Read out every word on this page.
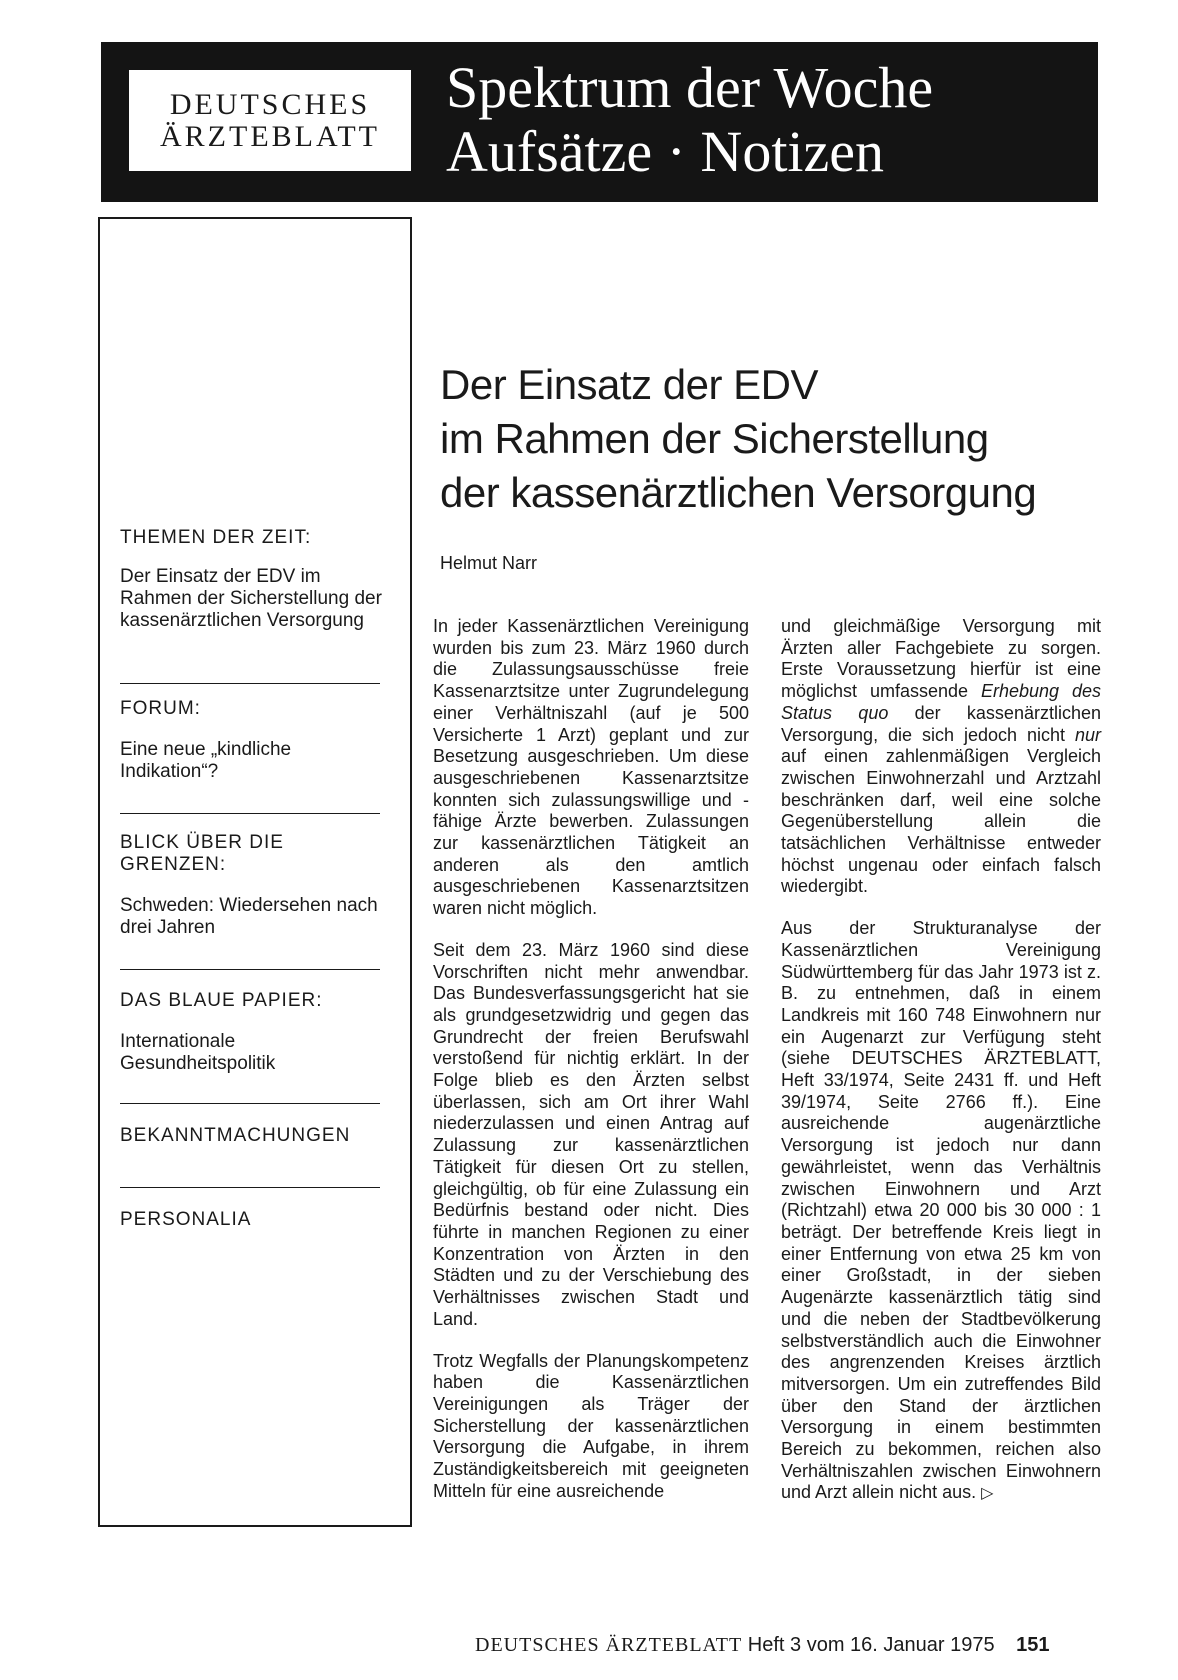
DEUTSCHES
ÄRZTEBLATT
Spektrum der Woche
Aufsätze · Notizen
THEMEN DER ZEIT:
Der Einsatz der EDV im Rahmen der Sicherstellung der kassenärztlichen Versorgung
FORUM:
Eine neue „kindliche Indikation“?
BLICK ÜBER DIE GRENZEN:
Schweden: Wiedersehen nach drei Jahren
DAS BLAUE PAPIER:
Internationale Gesundheitspolitik
BEKANNTMACHUNGEN
PERSONALIA
Der Einsatz der EDV
im Rahmen der Sicherstellung
der kassenärztlichen Versorgung
Helmut Narr

In jeder Kassenärztlichen Vereinigung wurden bis zum 23. März 1960 durch die Zulassungsausschüsse freie Kassenarztsitze unter Zugrundelegung einer Verhältniszahl (auf je 500 Versicherte 1 Arzt) geplant und zur Besetzung ausgeschrieben. Um diese ausgeschriebenen Kassenarztsitze konnten sich zulassungswillige und -fähige Ärzte bewerben. Zulassungen zur kassenärztlichen Tätigkeit an anderen als den amtlich ausgeschriebenen Kassenarztsitzen waren nicht möglich.

Seit dem 23. März 1960 sind diese Vorschriften nicht mehr anwendbar. Das Bundesverfassungsgericht hat sie als grundgesetzwidrig und gegen das Grundrecht der freien Berufswahl verstoßend für nichtig erklärt. In der Folge blieb es den Ärzten selbst überlassen, sich am Ort ihrer Wahl niederzulassen und einen Antrag auf Zulassung zur kassenärztlichen Tätigkeit für diesen Ort zu stellen, gleichgültig, ob für eine Zulassung ein Bedürfnis bestand oder nicht. Dies führte in manchen Regionen zu einer Konzentration von Ärzten in den Städten und zu der Verschiebung des Verhältnisses zwischen Stadt und Land.

Trotz Wegfalls der Planungskompetenz haben die Kassenärztlichen Vereinigungen als Träger der Sicherstellung der kassenärztlichen Versorgung die Aufgabe, in ihrem Zuständigkeitsbereich mit geeigneten Mitteln für eine ausreichende

und gleichmäßige Versorgung mit Ärzten aller Fachgebiete zu sorgen. Erste Voraussetzung hierfür ist eine möglichst umfassende Erhebung des Status quo der kassenärztlichen Versorgung, die sich jedoch nicht nur auf einen zahlenmäßigen Vergleich zwischen Einwohnerzahl und Arztzahl beschränken darf, weil eine solche Gegenüberstellung allein die tatsächlichen Verhältnisse entweder höchst ungenau oder einfach falsch wiedergibt.

Aus der Strukturanalyse der Kassenärztlichen Vereinigung Südwürttemberg für das Jahr 1973 ist z. B. zu entnehmen, daß in einem Landkreis mit 160 748 Einwohnern nur ein Augenarzt zur Verfügung steht (siehe DEUTSCHES ÄRZTEBLATT, Heft 33/1974, Seite 2431 ff. und Heft 39/1974, Seite 2766 ff.). Eine ausreichende augenärztliche Versorgung ist jedoch nur dann gewährleistet, wenn das Verhältnis zwischen Einwohnern und Arzt (Richtzahl) etwa 20 000 bis 30 000 : 1 beträgt. Der betreffende Kreis liegt in einer Entfernung von etwa 25 km von einer Großstadt, in der sieben Augenärzte kassenärztlich tätig sind und die neben der Stadtbevölkerung selbstverständlich auch die Einwohner des angrenzenden Kreises ärztlich mitversorgen. Um ein zutreffendes Bild über den Stand der ärztlichen Versorgung in einem bestimmten Bereich zu bekommen, reichen also Verhältniszahlen zwischen Einwohnern und Arzt allein nicht aus. ▷

DEUTSCHES ÄRZTEBLATT Heft 3 vom 16. Januar 1975 151
